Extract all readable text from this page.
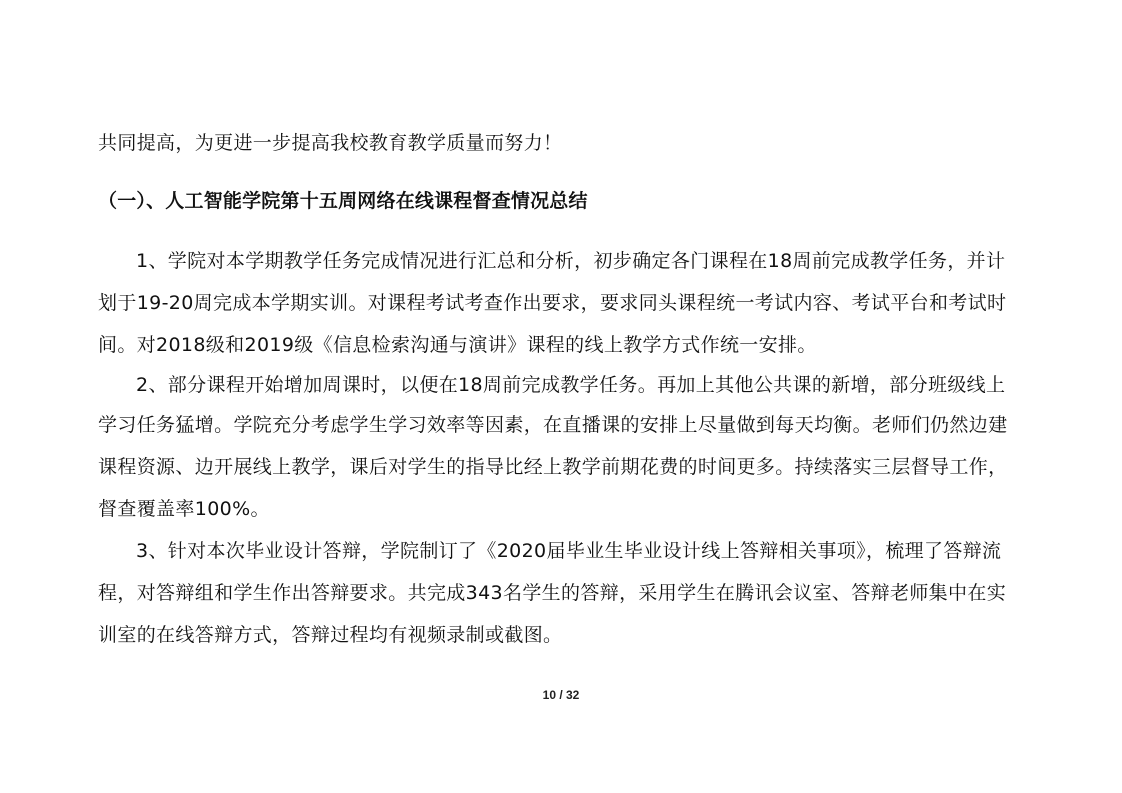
共同提高，为更进一步提高我校教育教学质量而努力！
（一）、人工智能学院第十五周网络在线课程督查情况总结
1、学院对本学期教学任务完成情况进行汇总和分析，初步确定各门课程在18周前完成教学任务，并计
划于19-20周完成本学期实训。对课程考试考查作出要求，要求同头课程统一考试内容、考试平台和考试时
间。对2018级和2019级《信息检索沟通与演讲》课程的线上教学方式作统一安排。
2、部分课程开始增加周课时，以便在18周前完成教学任务。再加上其他公共课的新增，部分班级线上
学习任务猛增。学院充分考虑学生学习效率等因素，在直播课的安排上尽量做到每天均衡。老师们仍然边建
课程资源、边开展线上教学，课后对学生的指导比经上教学前期花费的时间更多。持续落实三层督导工作，
督查覆盖率100%。
3、针对本次毕业设计答辩，学院制订了《2020届毕业生毕业设计线上答辩相关事项》，梳理了答辩流
程，对答辩组和学生作出答辩要求。共完成343名学生的答辩，采用学生在腾讯会议室、答辩老师集中在实
训室的在线答辩方式，答辩过程均有视频录制或截图。
10 / 32
